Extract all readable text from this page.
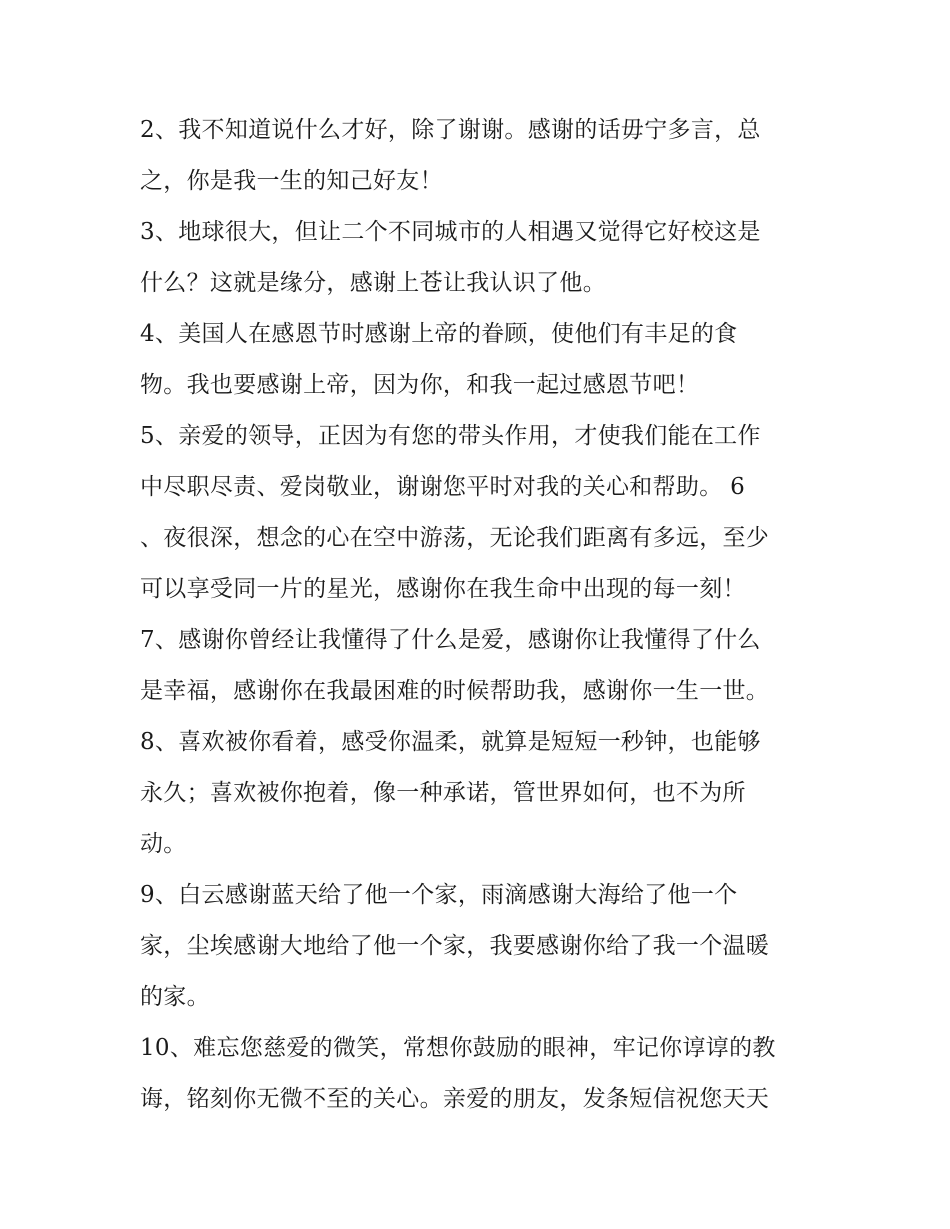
2、我不知道说什么才好，除了谢谢。感谢的话毋宁多言，总
之，你是我一生的知己好友！
3、地球很大，但让二个不同城市的人相遇又觉得它好校这是
什么？这就是缘分，感谢上苍让我认识了他。
4、美国人在感恩节时感谢上帝的眷顾，使他们有丰足的食
物。我也要感谢上帝，因为你，和我一起过感恩节吧！
5、亲爱的领导，正因为有您的带头作用，才使我们能在工作
中尽职尽责、爱岗敬业，谢谢您平时对我的关心和帮助。 6
、夜很深，想念的心在空中游荡，无论我们距离有多远，至少
可以享受同一片的星光，感谢你在我生命中出现的每一刻！
7、感谢你曾经让我懂得了什么是爱，感谢你让我懂得了什么
是幸福，感谢你在我最困难的时候帮助我，感谢你一生一世。
8、喜欢被你看着，感受你温柔，就算是短短一秒钟，也能够
永久；喜欢被你抱着，像一种承诺，管世界如何，也不为所
动。
9、白云感谢蓝天给了他一个家，雨滴感谢大海给了他一个
家，尘埃感谢大地给了他一个家，我要感谢你给了我一个温暖
的家。
10、难忘您慈爱的微笑，常想你鼓励的眼神，牢记你谆谆的教
诲，铭刻你无微不至的关心。亲爱的朋友，发条短信祝您天天
